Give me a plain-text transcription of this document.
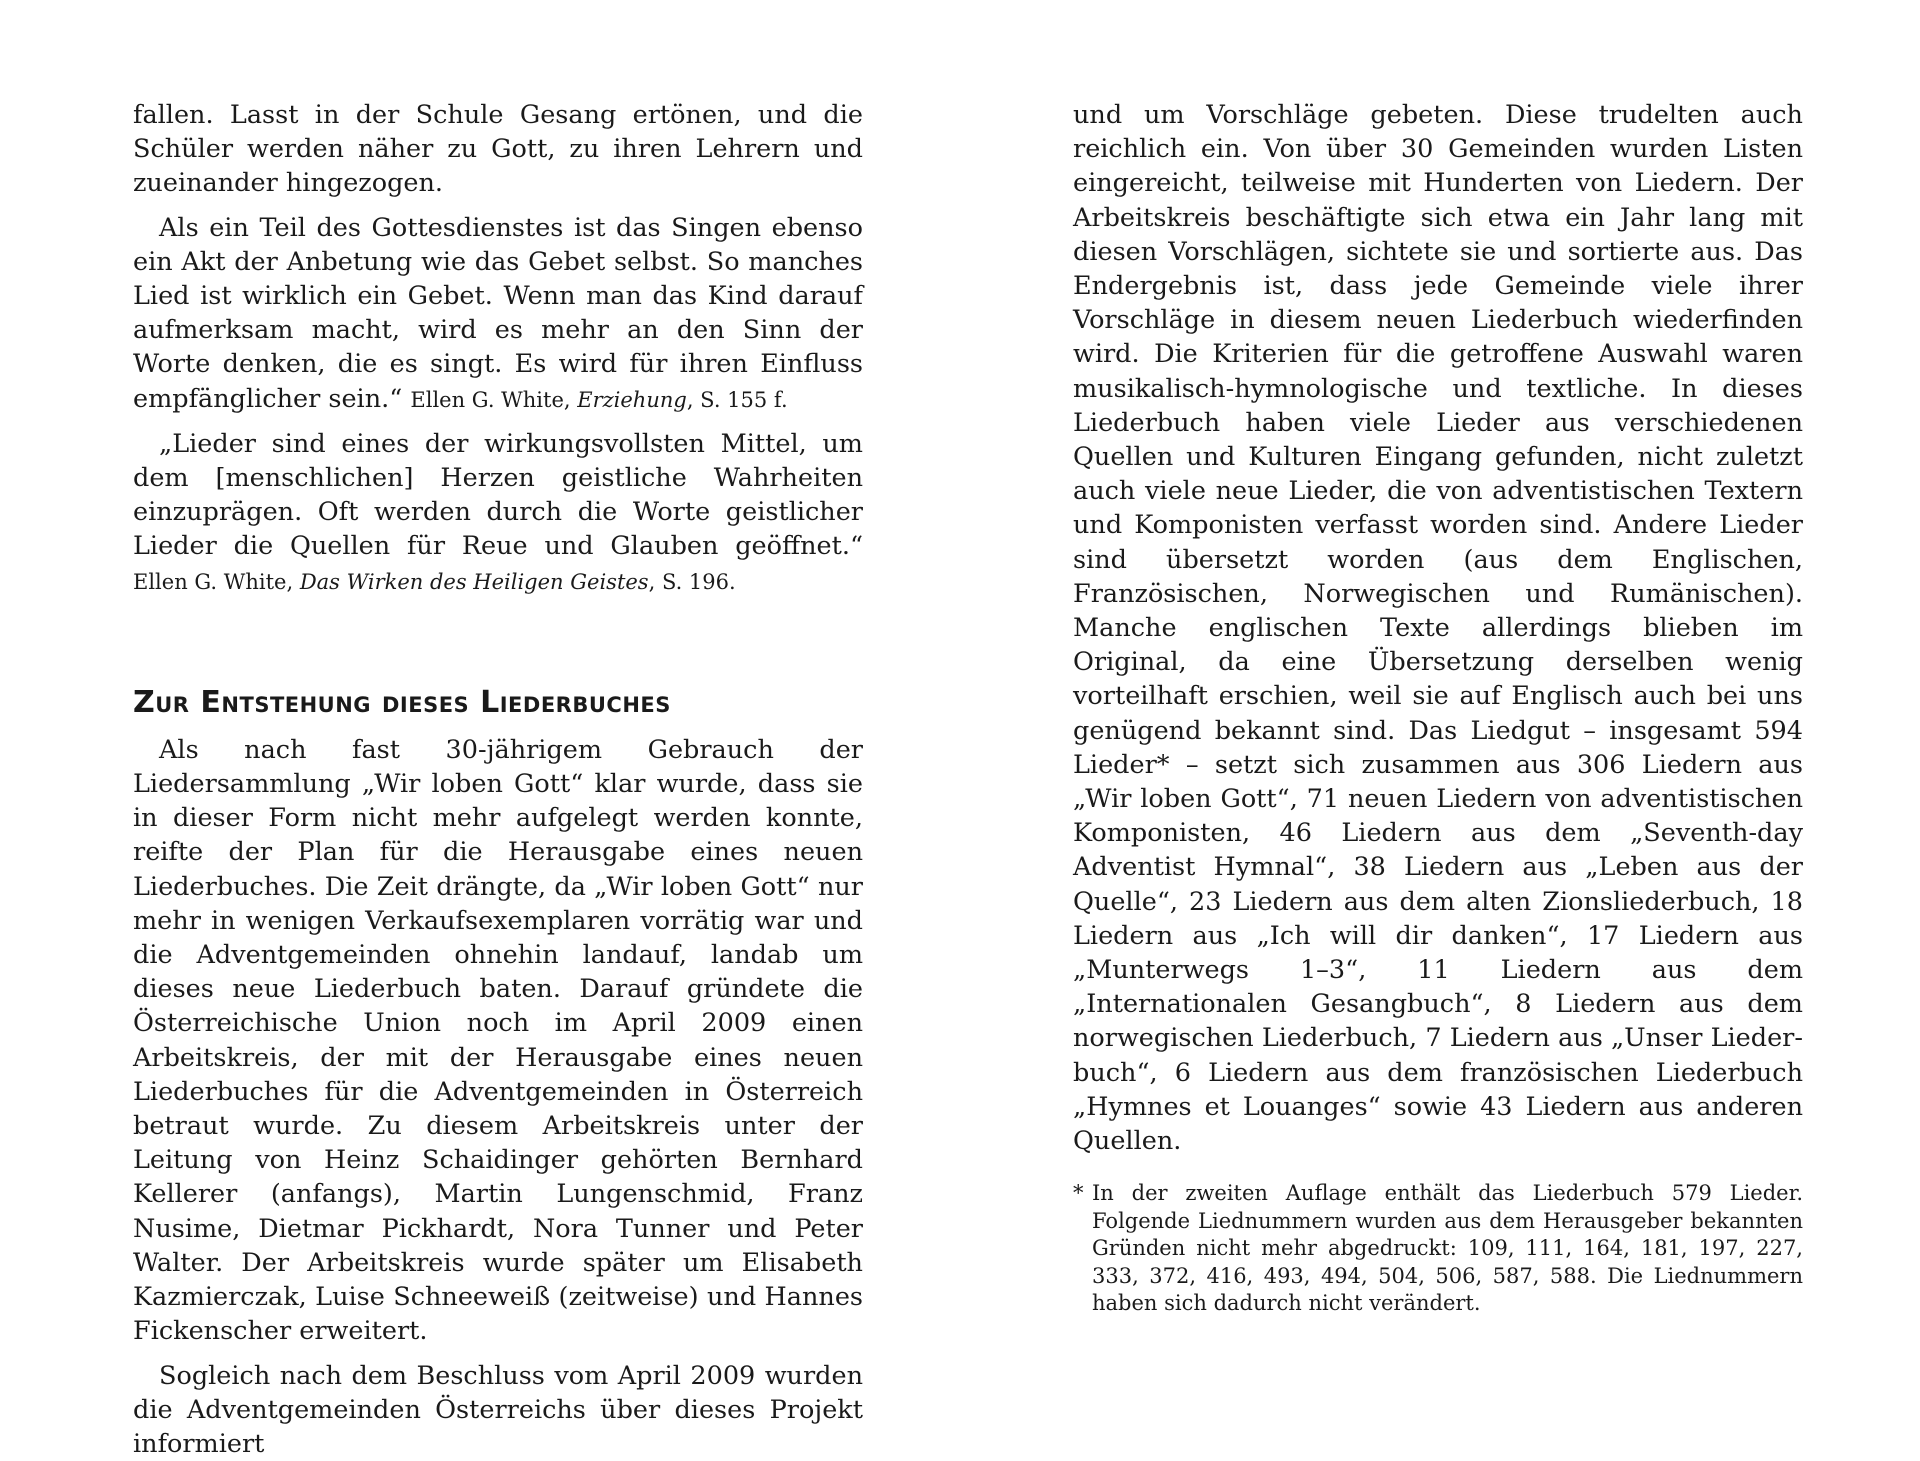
fallen. Lasst in der Schule Gesang ertönen, und die Schüler werden näher zu Gott, zu ihren Lehrern und zueinander hingezogen.

Als ein Teil des Gottesdienstes ist das Singen ebenso ein Akt der Anbetung wie das Gebet selbst. So manches Lied ist wirklich ein Gebet. Wenn man das Kind darauf aufmerksam macht, wird es mehr an den Sinn der Worte denken, die es singt. Es wird für ihren Einfluss empfänglicher sein.“ Ellen G. White, Erziehung, S. 155 f.

„Lieder sind eines der wirkungsvollsten Mittel, um dem [menschlichen] Herzen geistliche Wahrheiten einzuprägen. Oft werden durch die Worte geistlicher Lieder die Quellen für Reue und Glauben geöffnet.“ Ellen G. White, Das Wirken des Heiligen Geistes, S. 196.

Zur Entstehung dieses Liederbuches

Als nach fast 30-jährigem Gebrauch der Liedersammlung „Wir loben Gott“ klar wurde, dass sie in dieser Form nicht mehr aufgelegt werden konnte, reifte der Plan für die Herausgabe eines neuen Liederbuches. Die Zeit drängte, da „Wir loben Gott“ nur mehr in wenigen Verkaufsexemplaren vorrätig war und die Adventgemeinden ohnehin landauf, landab um dieses neue Liederbuch baten. Darauf gründete die Österreichische Union noch im April 2009 einen Arbeitskreis, der mit der Herausgabe eines neuen Liederbuches für die Adventgemeinden in Österreich betraut wurde. Zu diesem Arbeitskreis unter der Leitung von Heinz Schaidinger gehörten Bernhard Kellerer (anfangs), Martin Lungenschmid, Franz Nusime, Dietmar Pickhardt, Nora Tunner und Peter Walter. Der Arbeitskreis wurde später um Elisabeth Kazmierczak, Luise Schneeweiß (zeitweise) und Hannes Fickenscher erweitert.

Sogleich nach dem Beschluss vom April 2009 wurden die Adventgemeinden Österreichs über dieses Projekt informiert

und um Vorschläge gebeten. Diese trudelten auch reichlich ein. Von über 30 Gemeinden wurden Listen eingereicht, teilweise mit Hunderten von Liedern. Der Arbeitskreis beschäftigte sich etwa ein Jahr lang mit diesen Vorschlägen, sichtete sie und sortierte aus. Das Endergebnis ist, dass jede Gemeinde viele ihrer Vorschläge in diesem neuen Liederbuch wiederfinden wird. Die Kriterien für die getroffene Auswahl waren musikalisch-hymnologische und textliche. In dieses Liederbuch haben viele Lieder aus verschiedenen Quellen und Kulturen Eingang gefunden, nicht zuletzt auch viele neue Lieder, die von adventistischen Textern und Komponisten verfasst worden sind. Andere Lieder sind übersetzt worden (aus dem Englischen, Französischen, Norwegischen und Rumänischen). Manche englischen Texte allerdings blieben im Original, da eine Übersetzung derselben wenig vorteilhaft erschien, weil sie auf Englisch auch bei uns genügend bekannt sind. Das Liedgut – insgesamt 594 Lieder* – setzt sich zusammen aus 306 Liedern aus „Wir loben Gott“, 71 neuen Liedern von adventistischen Komponisten, 46 Liedern aus dem „Seventh-day Adventist Hymnal“, 38 Liedern aus „Leben aus der Quelle“, 23 Liedern aus dem alten Zionsliederbuch, 18 Liedern aus „Ich will dir danken“, 17 Liedern aus „Munterwegs 1–3“, 11 Liedern aus dem „Internationalen Gesangbuch“, 8 Liedern aus dem norwegischen Liederbuch, 7 Liedern aus „Unser Liederbuch“, 6 Liedern aus dem französischen Liederbuch „Hymnes et Louanges“ sowie 43 Liedern aus anderen Quellen.

* In der zweiten Auflage enthält das Liederbuch 579 Lieder. Folgende Liednummern wurden aus dem Herausgeber bekannten Gründen nicht mehr abgedruckt: 109, 111, 164, 181, 197, 227, 333, 372, 416, 493, 494, 504, 506, 587, 588. Die Liednummern haben sich dadurch nicht verändert.
